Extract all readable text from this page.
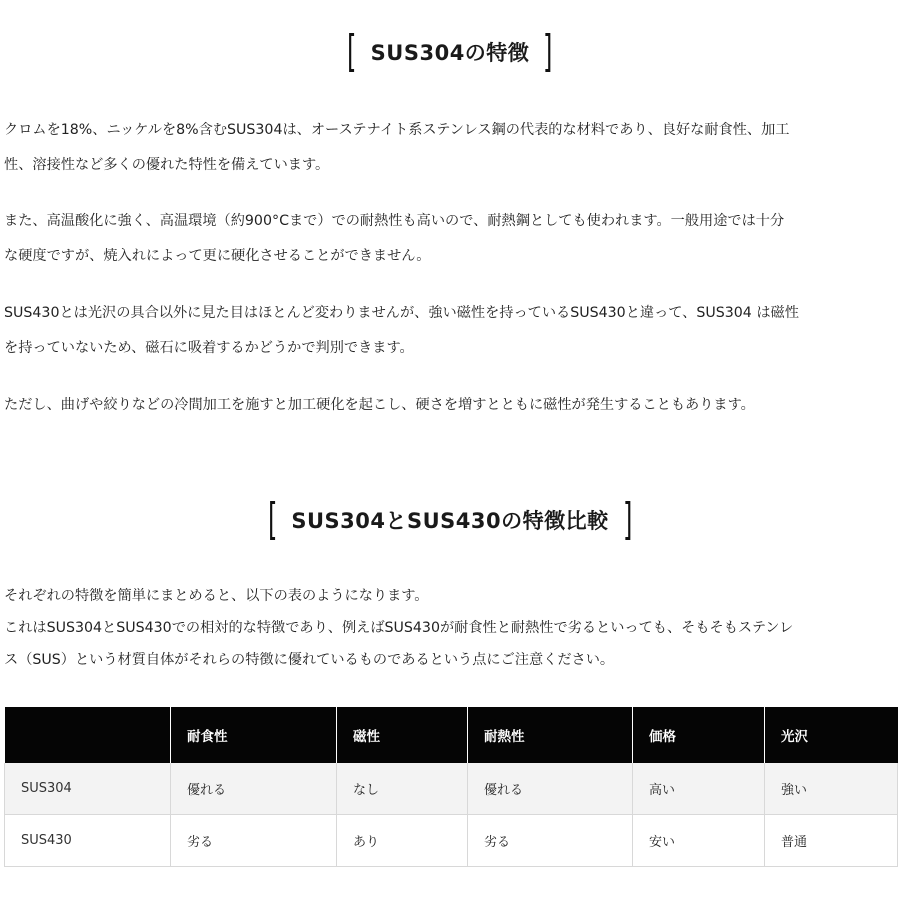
[ SUS304の特徴 ]

クロムを18%、ニッケルを8%含むSUS304は、オーステナイト系ステンレス鋼の代表的な材料であり、良好な耐食性、加工
性、溶接性など多くの優れた特性を備えています。

また、高温酸化に強く、高温環境（約900°Cまで）での耐熱性も高いので、耐熱鋼としても使われます。一般用途では十分
な硬度ですが、焼入れによって更に硬化させることができません。

SUS430とは光沢の具合以外に見た目はほとんど変わりませんが、強い磁性を持っているSUS430と違って、SUS304 は磁性
を持っていないため、磁石に吸着するかどうかで判別できます。

ただし、曲げや絞りなどの冷間加工を施すと加工硬化を起こし、硬さを増すとともに磁性が発生することもあります。

[ SUS304とSUS430の特徴比較 ]

それぞれの特徴を簡単にまとめると、以下の表のようになります。
これはSUS304とSUS430での相対的な特徴であり、例えばSUS430が耐食性と耐熱性で劣るといっても、そもそもステンレ
ス（SUS）という材質自体がそれらの特徴に優れているものであるという点にご注意ください。

	耐食性	磁性	耐熱性	価格	光沢
SUS304	優れる	なし	優れる	高い	強い
SUS430	劣る	あり	劣る	安い	普通
